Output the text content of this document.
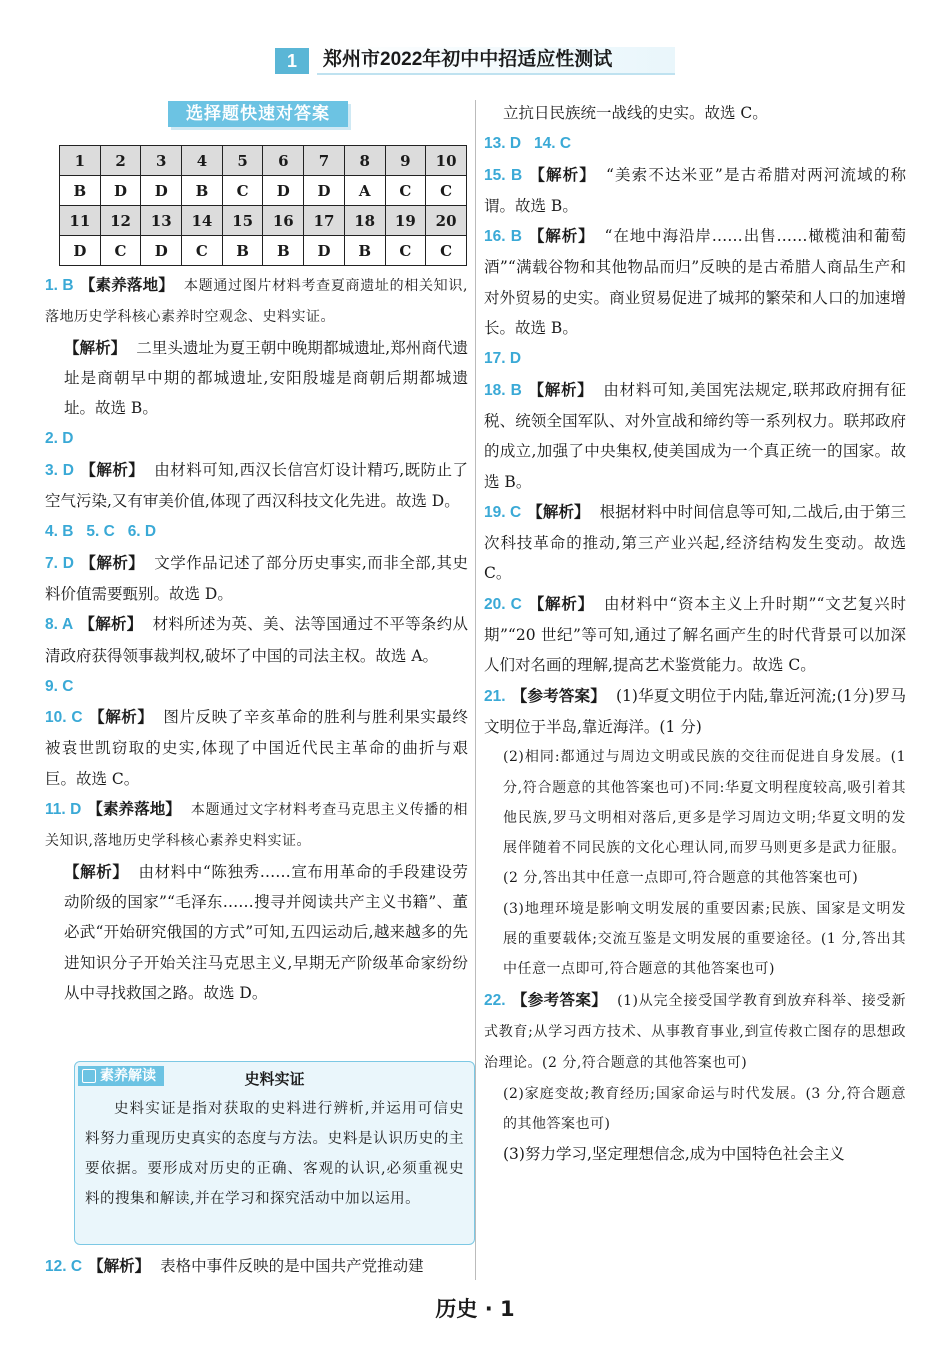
1	郑州市2022年初中中招适应性测试
选择题快速对答案
1	2	3	4	5	6	7	8	9	10
B	D	D	B	C	D	D	A	C	C
11	12	13	14	15	16	17	18	19	20
D	C	D	C	B	B	D	B	C	C

1. B 【素养落地】 本题通过图片材料考查夏商遗址的相关知识,落地历史学科核心素养时空观念、史料实证。

【解析】 二里头遗址为夏王朝中晚期都城遗址,郑州商代遗址是商朝早中期的都城遗址,安阳殷墟是商朝后期都城遗址。故选 B。

2. D

3. D 【解析】 由材料可知,西汉长信宫灯设计精巧,既防止了空气污染,又有审美价值,体现了西汉科技文化先进。故选 D。

4. B   5. C   6. D

7. D 【解析】 文学作品记述了部分历史事实,而非全部,其史料价值需要甄别。故选 D。

8. A 【解析】 材料所述为英、美、法等国通过不平等条约从清政府获得领事裁判权,破坏了中国的司法主权。故选 A。

9. C

10. C 【解析】 图片反映了辛亥革命的胜利与胜利果实最终被袁世凯窃取的史实,体现了中国近代民主革命的曲折与艰巨。故选 C。

11. D 【素养落地】 本题通过文字材料考查马克思主义传播的相关知识,落地历史学科核心素养史料实证。

【解析】 由材料中“陈独秀……宣布用革命的手段建设劳动阶级的国家”“毛泽东……搜寻并阅读共产主义书籍”、董必武“开始研究俄国的方式”可知,五四运动后,越来越多的先进知识分子开始关注马克思主义,早期无产阶级革命家纷纷从中寻找救国之路。故选 D。

素养解读	史料实证
史料实证是指对获取的史料进行辨析,并运用可信史料努力重现历史真实的态度与方法。史料是认识历史的主要依据。要形成对历史的正确、客观的认识,必须重视史料的搜集和解读,并在学习和探究活动中加以运用。

12. C 【解析】 表格中事件反映的是中国共产党推动建

立抗日民族统一战线的史实。故选 C。

13. D   14. C

15. B 【解析】 “美索不达米亚”是古希腊对两河流域的称谓。故选 B。

16. B 【解析】 “在地中海沿岸……出售……橄榄油和葡萄酒”“满载谷物和其他物品而归”反映的是古希腊人商品生产和对外贸易的史实。商业贸易促进了城邦的繁荣和人口的加速增长。故选 B。

17. D

18. B 【解析】 由材料可知,美国宪法规定,联邦政府拥有征税、统领全国军队、对外宣战和缔约等一系列权力。联邦政府的成立,加强了中央集权,使美国成为一个真正统一的国家。故选 B。

19. C 【解析】 根据材料中时间信息等可知,二战后,由于第三次科技革命的推动,第三产业兴起,经济结构发生变动。故选 C。

20. C 【解析】 由材料中“资本主义上升时期”“文艺复兴时期”“20 世纪”等可知,通过了解名画产生的时代背景可以加深人们对名画的理解,提高艺术鉴赏能力。故选 C。

21. 【参考答案】 (1)华夏文明位于内陆,靠近河流;(1分)罗马文明位于半岛,靠近海洋。(1 分)

(2)相同:都通过与周边文明或民族的交往而促进自身发展。(1 分,符合题意的其他答案也可)不同:华夏文明程度较高,吸引着其他民族,罗马文明相对落后,更多是学习周边文明;华夏文明的发展伴随着不同民族的文化心理认同,而罗马则更多是武力征服。(2 分,答出其中任意一点即可,符合题意的其他答案也可)

(3)地理环境是影响文明发展的重要因素;民族、国家是文明发展的重要载体;交流互鉴是文明发展的重要途径。(1 分,答出其中任意一点即可,符合题意的其他答案也可)

22. 【参考答案】 (1)从完全接受国学教育到放弃科举、接受新式教育;从学习西方技术、从事教育事业,到宣传救亡图存的思想政治理论。(2 分,符合题意的其他答案也可)

(2)家庭变故;教育经历;国家命运与时代发展。(3 分,符合题意的其他答案也可)

(3)努力学习,坚定理想信念,成为中国特色社会主义

历史 · 1
